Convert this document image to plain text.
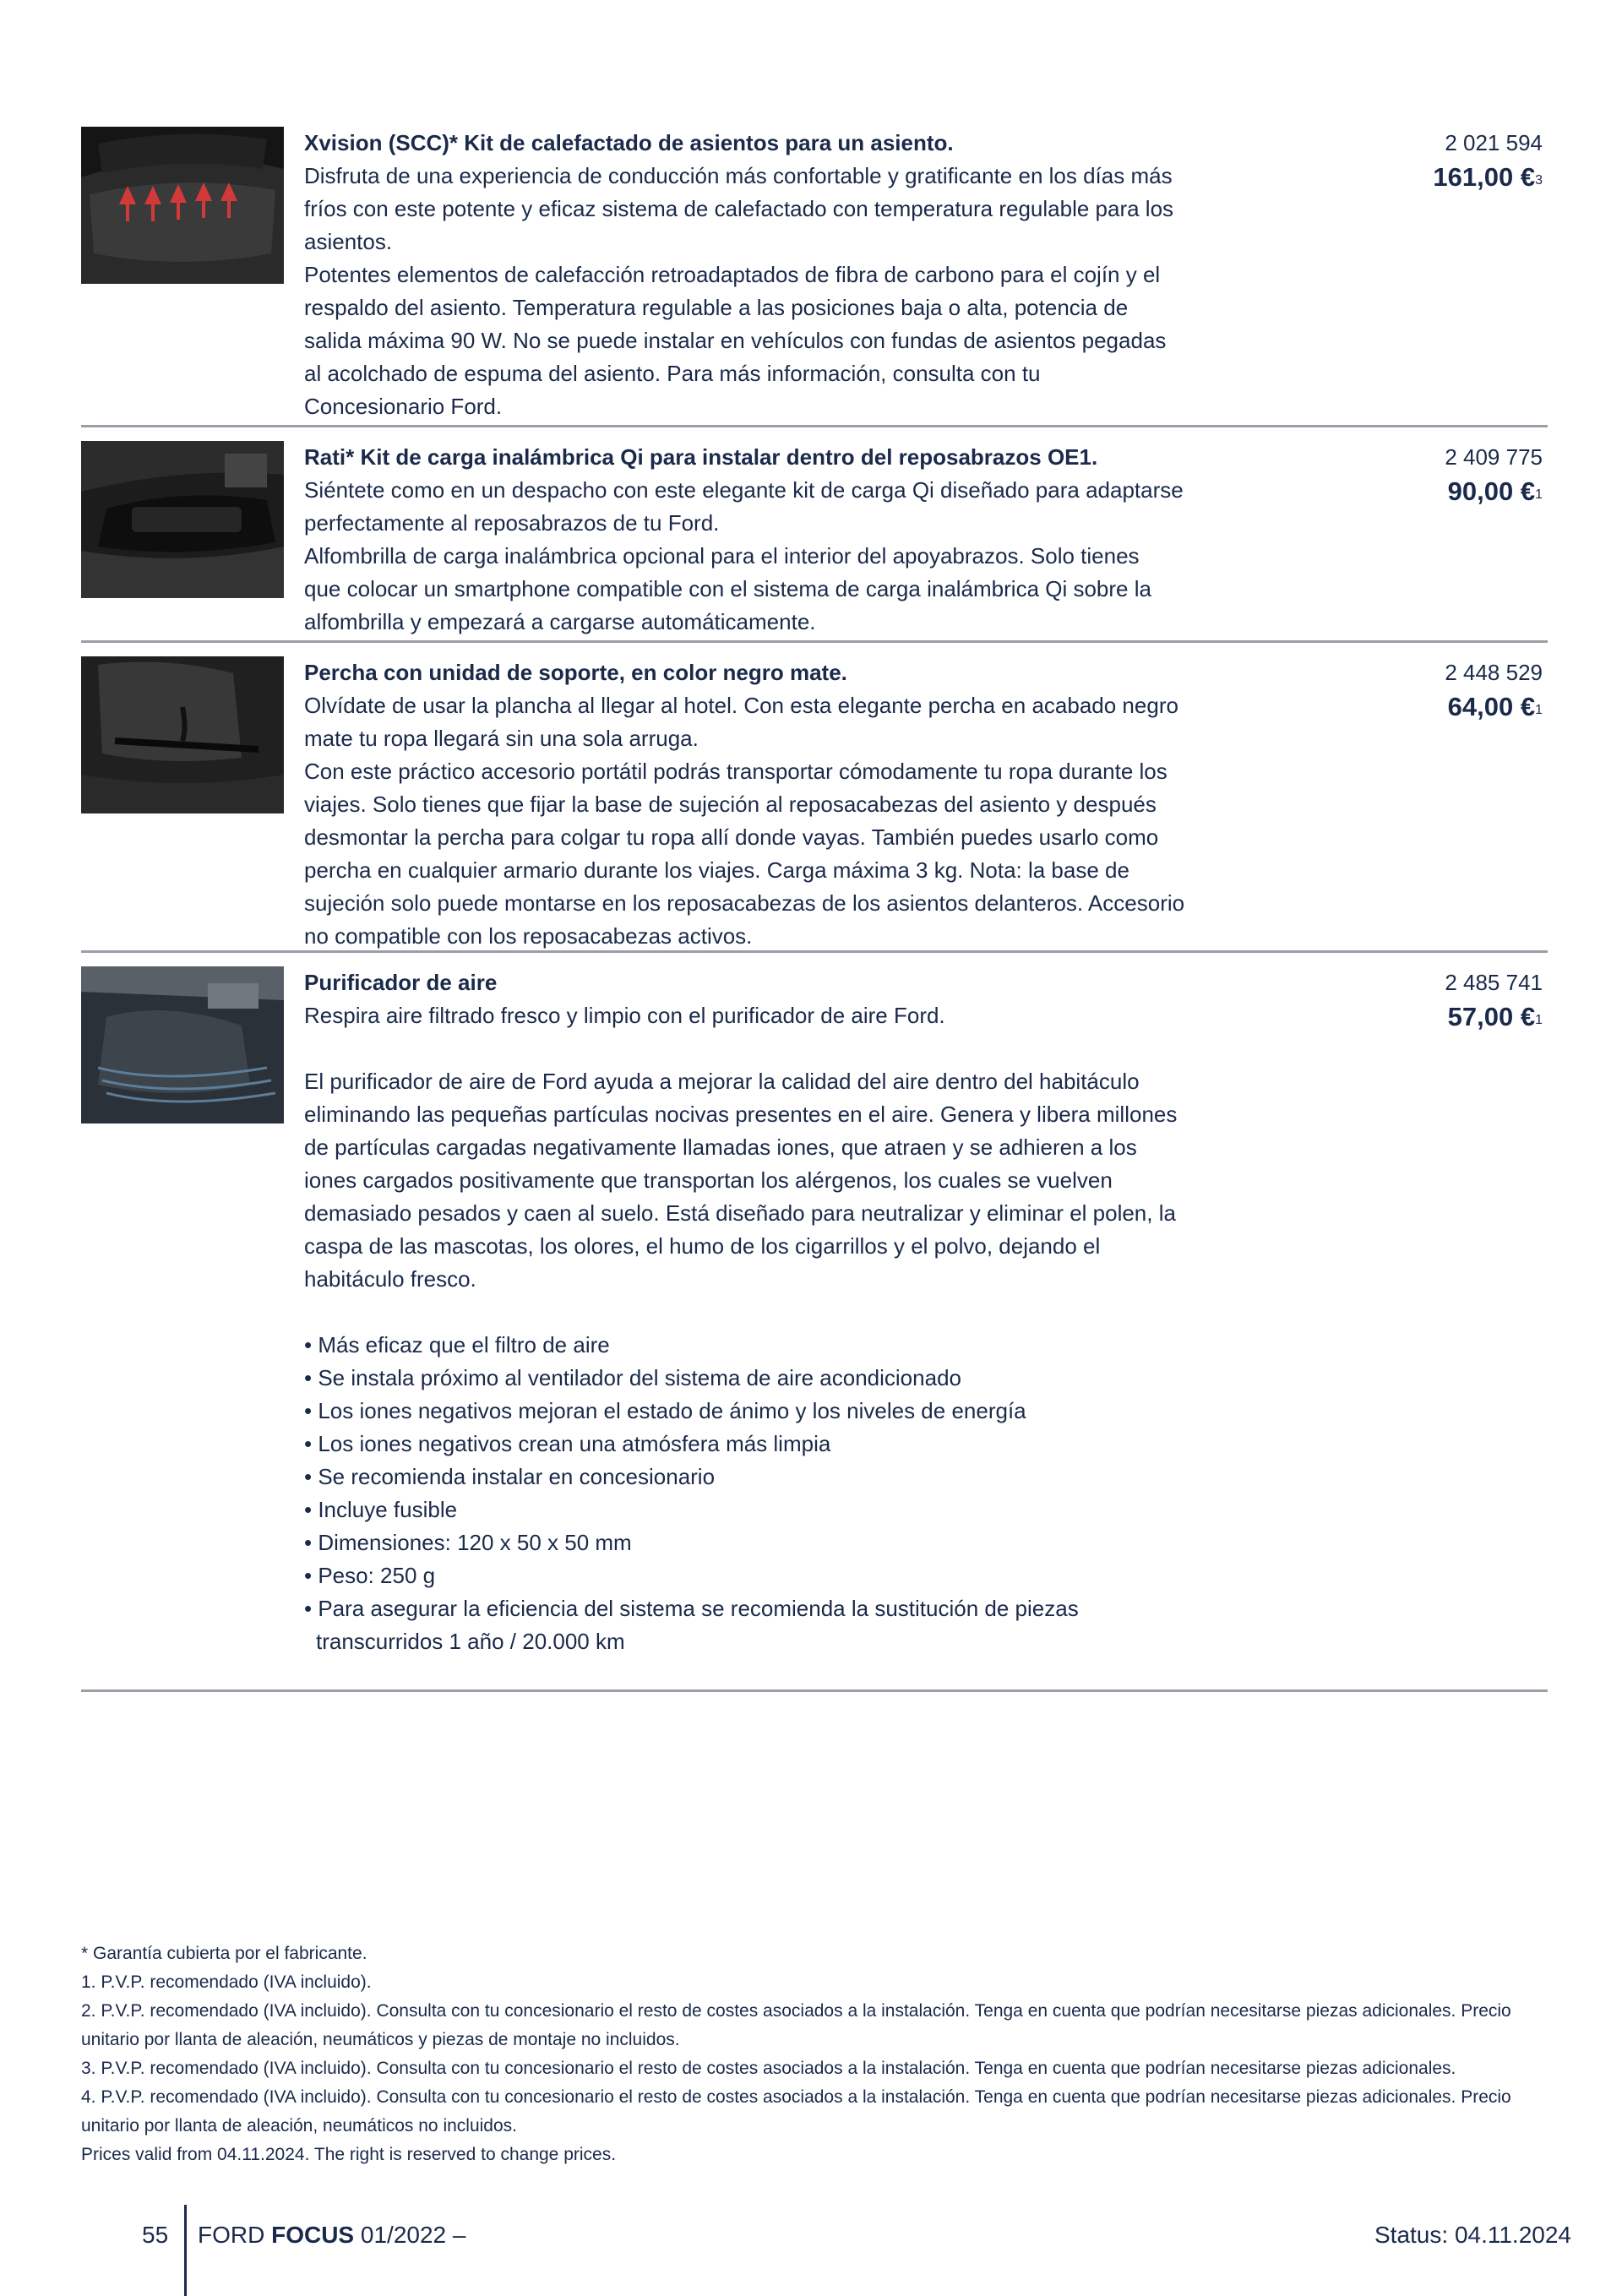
Xvision (SCC)* Kit de calefactado de asientos para un asiento.
Disfruta de una experiencia de conducción más confortable y gratificante en los días más
fríos con este potente y eficaz sistema de calefactado con temperatura regulable para los
asientos.
Potentes elementos de calefacción retroadaptados de fibra de carbono para el cojín y el
respaldo del asiento. Temperatura regulable a las posiciones baja o alta, potencia de
salida máxima 90 W. No se puede instalar en vehículos con fundas de asientos pegadas
al acolchado de espuma del asiento. Para más información, consulta con tu
Concesionario Ford.
2 021 594
161,00 €$^3$
Rati* Kit de carga inalámbrica Qi para instalar dentro del reposabrazos OE1.
Siéntete como en un despacho con este elegante kit de carga Qi diseñado para adaptarse
perfectamente al reposabrazos de tu Ford.
Alfombrilla de carga inalámbrica opcional para el interior del apoyabrazos. Solo tienes
que colocar un smartphone compatible con el sistema de carga inalámbrica Qi sobre la
alfombrilla y empezará a cargarse automáticamente.
2 409 775
90,00 €$^1$
Percha con unidad de soporte, en color negro mate.
Olvídate de usar la plancha al llegar al hotel. Con esta elegante percha en acabado negro
mate tu ropa llegará sin una sola arruga.
Con este práctico accesorio portátil podrás transportar cómodamente tu ropa durante los
viajes. Solo tienes que fijar la base de sujeción al reposacabezas del asiento y después
desmontar la percha para colgar tu ropa allí donde vayas. También puedes usarlo como
percha en cualquier armario durante los viajes. Carga máxima 3 kg. Nota: la base de
sujeción solo puede montarse en los reposacabezas de los asientos delanteros. Accesorio
no compatible con los reposacabezas activos.
2 448 529
64,00 €$^1$
Purificador de aire
Respira aire filtrado fresco y limpio con el purificador de aire Ford.
El purificador de aire de Ford ayuda a mejorar la calidad del aire dentro del habitáculo
eliminando las pequeñas partículas nocivas presentes en el aire. Genera y libera millones
de partículas cargadas negativamente llamadas iones, que atraen y se adhieren a los
iones cargados positivamente que transportan los alérgenos, los cuales se vuelven
demasiado pesados y caen al suelo. Está diseñado para neutralizar y eliminar el polen, la
caspa de las mascotas, los olores, el humo de los cigarrillos y el polvo, dejando el
habitáculo fresco.
• Más eficaz que el filtro de aire
• Se instala próximo al ventilador del sistema de aire acondicionado
• Los iones negativos mejoran el estado de ánimo y los niveles de energía
• Los iones negativos crean una atmósfera más limpia
• Se recomienda instalar en concesionario
• Incluye fusible
• Dimensiones: 120 x 50 x 50 mm
• Peso: 250 g
• Para asegurar la eficiencia del sistema se recomienda la sustitución de piezas
transcurridos 1 año / 20.000 km
2 485 741
57,00 €$^1$
* Garantía cubierta por el fabricante.
1. P.V.P. recomendado (IVA incluido).
2. P.V.P. recomendado (IVA incluido). Consulta con tu concesionario el resto de costes asociados a la instalación. Tenga en cuenta que podrían necesitarse piezas adicionales. Precio unitario por llanta de aleación, neumáticos y piezas de montaje no incluidos.
3. P.V.P. recomendado (IVA incluido). Consulta con tu concesionario el resto de costes asociados a la instalación. Tenga en cuenta que podrían necesitarse piezas adicionales.
4. P.V.P. recomendado (IVA incluido). Consulta con tu concesionario el resto de costes asociados a la instalación. Tenga en cuenta que podrían necesitarse piezas adicionales. Precio unitario por llanta de aleación, neumáticos no incluidos.
Prices valid from 04.11.2024. The right is reserved to change prices.
55 FORD FOCUS 01/2022 –	Status: 04.11.2024
